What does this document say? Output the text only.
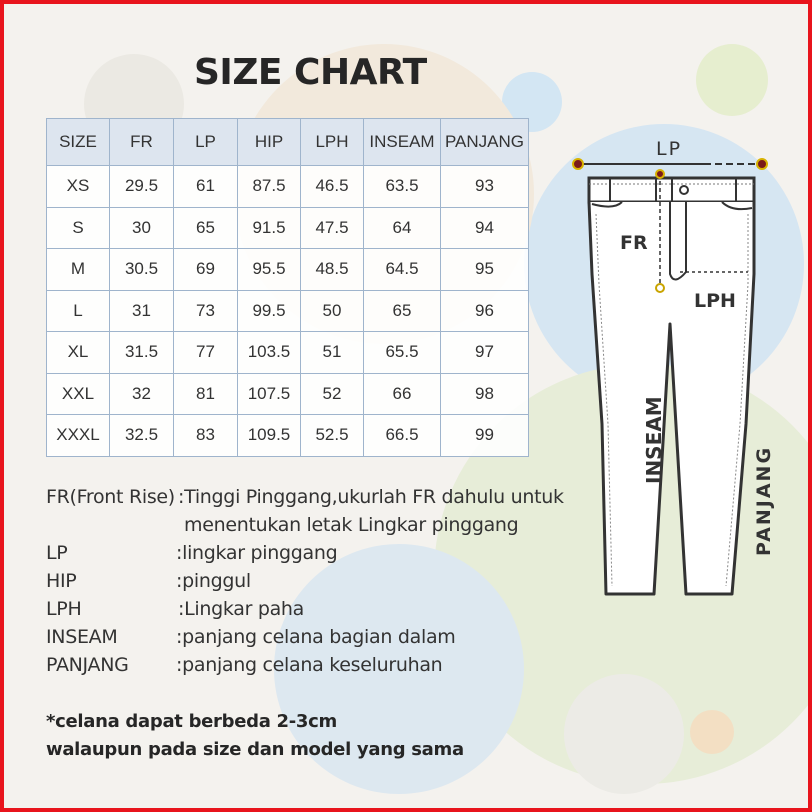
SIZE CHART
SIZE	FR	LP	HIP	LPH	INSEAM	PANJANG
XS	29.5	61	87.5	46.5	63.5	93
S	30	65	91.5	47.5	64	94
M	30.5	69	95.5	48.5	64.5	95
L	31	73	99.5	50	65	96
XL	31.5	77	103.5	51	65.5	97
XXL	32	81	107.5	52	66	98
XXXL	32.5	83	109.5	52.5	66.5	99
FR(Front Rise) :Tinggi Pinggang,ukurlah FR dahulu untuk
menentukan letak Lingkar pinggang
LP	:lingkar pinggang
HIP	:pinggul
LPH	:Lingkar paha
INSEAM	:panjang celana bagian dalam
PANJANG :panjang celana keseluruhan
*celana dapat berbeda 2-3cm
walaupun pada size dan model yang sama
LP
FR
LPH
INSEAM
PANJANG
